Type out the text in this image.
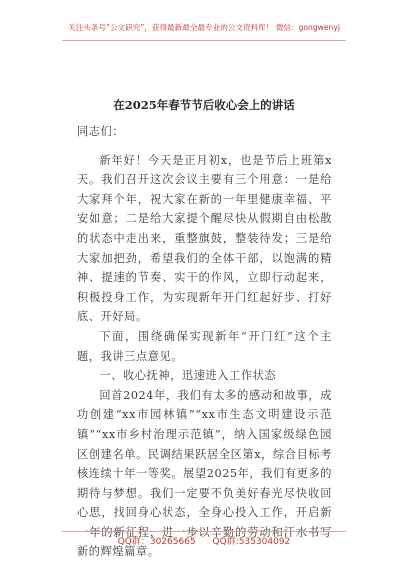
关注头条号“公文研究”，获得最新最全最专业的公文资料库！ 微信：gongwenyj
在2025年春节节后收心会上的讲话

同志们：

新年好！今天是正月初x，也是节后上班第x天。我们召开这次会议主要有三个用意：一是给大家拜个年，祝大家在新的一年里健康幸福、平安如意；二是给大家提个醒尽快从假期自由松散的状态中走出来，重整旗鼓，整装待发；三是给大家加把劲，希望我们的全体干部，以饱满的精神、提速的节奏、实干的作风，立即行动起来，积极投身工作，为实现新年开门红起好步、打好底、开好局。

下面，围绕确保实现新年“开门红”这个主题，我讲三点意见。

一、收心抚神，迅速进入工作状态

回首2024年，我们有太多的感动和故事，成功创建“xx市园林镇”“xx市生态文明建设示范镇”“xx市乡村治理示范镇”，纳入国家级绿色园区创建名单。民调结果跃居全区第x，综合目标考核连续十年一等奖。展望2025年，我们有更多的期待与梦想。我们一定要不负美好春光尽快收回心思，找回身心状态，全身心投入工作，开启新一年的新征程，进一步以辛勤的劳动和汗水书写新的辉煌篇章。

QQ群：30265665 QQ群:535304092
